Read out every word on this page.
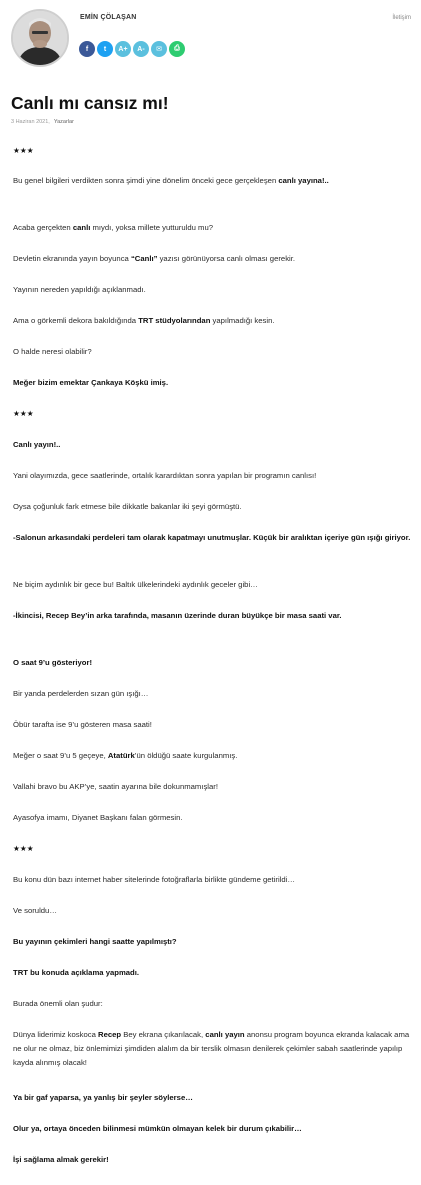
EMİN ÇÖLAŞAN	İletişim
f	t	A+	A-	✉	⎙
Canlı mı cansız mı!
3 Haziran 2021, Yazarlar

★★★

Bu genel bilgileri verdikten sonra şimdi yine dönelim önceki gece gerçekleşen canlı yayına!..

Acaba gerçekten canlı mıydı, yoksa millete yutturuldu mu?

Devletin ekranında yayın boyunca “Canlı” yazısı görünüyorsa canlı olması gerekir.

Yayının nereden yapıldığı açıklanmadı.

Ama o görkemli dekora bakıldığında TRT stüdyolarından yapılmadığı kesin.

O halde neresi olabilir?

Meğer bizim emektar Çankaya Köşkü imiş.

★★★

Canlı yayın!..

Yani olayımızda, gece saatlerinde, ortalık karardıktan sonra yapılan bir programın canlısı!

Oysa çoğunluk fark etmese bile dikkatle bakanlar iki şeyi görmüştü.

-Salonun arkasındaki perdeleri tam olarak kapatmayı unutmuşlar. Küçük bir aralıktan içeriye gün ışığı giriyor.

Ne biçim aydınlık bir gece bu! Baltık ülkelerindeki aydınlık geceler gibi…

-İkincisi, Recep Bey’in arka tarafında, masanın üzerinde duran büyükçe bir masa saati var.

O saat 9’u gösteriyor!

Bir yanda perdelerden sızan gün ışığı…

Öbür tarafta ise 9’u gösteren masa saati!

Meğer o saat 9’u 5 geçeye, Atatürk’ün öldüğü saate kurgulanmış.

Vallahi bravo bu AKP’ye, saatin ayarına bile dokunmamışlar!

Ayasofya imamı, Diyanet Başkanı falan görmesin.

★★★

Bu konu dün bazı internet haber sitelerinde fotoğraflarla birlikte gündeme getirildi…

Ve soruldu…

Bu yayının çekimleri hangi saatte yapılmıştı?

TRT bu konuda açıklama yapmadı.

Burada önemli olan şudur:

Dünya liderimiz koskoca Recep Bey ekrana çıkarılacak, canlı yayın anonsu program boyunca ekranda kalacak ama ne olur ne olmaz, biz önlemimizi şimdiden alalım da bir terslik olmasın denilerek çekimler sabah saatlerinde yapılıp kayda alınmış olacak!

Ya bir gaf yaparsa, ya yanlış bir şeyler söylerse…

Olur ya, ortaya önceden bilinmesi mümkün olmayan kelek bir durum çıkabilir…

İşi sağlama almak gerekir!
